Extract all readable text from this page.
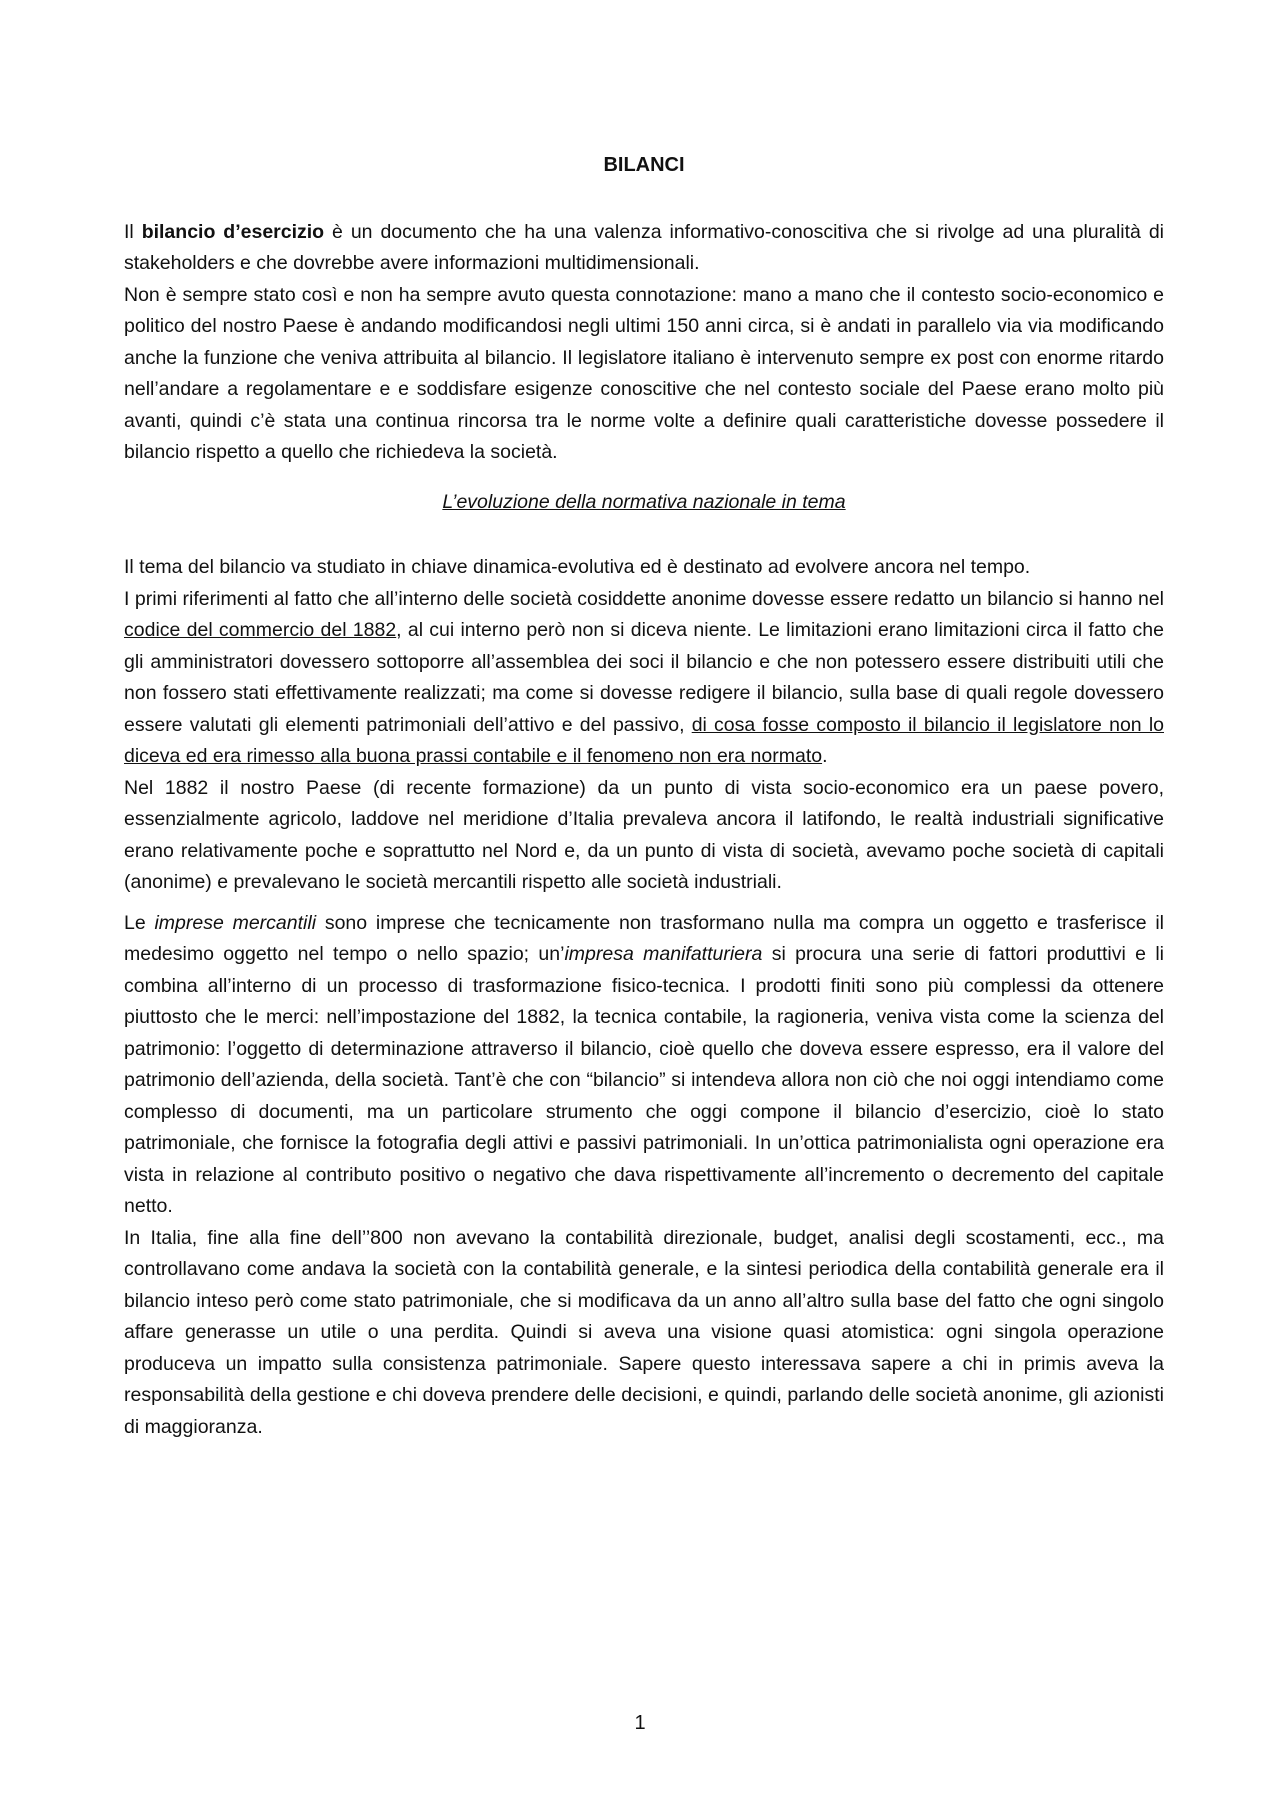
BILANCI

Il bilancio d’esercizio è un documento che ha una valenza informativo-conoscitiva che si rivolge ad una pluralità di stakeholders e che dovrebbe avere informazioni multidimensionali.

Non è sempre stato così e non ha sempre avuto questa connotazione: mano a mano che il contesto socio-economico e politico del nostro Paese è andando modificandosi negli ultimi 150 anni circa, si è andati in parallelo via via modificando anche la funzione che veniva attribuita al bilancio. Il legislatore italiano è intervenuto sempre ex post con enorme ritardo nell’andare a regolamentare e e soddisfare esigenze conoscitive che nel contesto sociale del Paese erano molto più avanti, quindi c’è stata una continua rincorsa tra le norme volte a definire quali caratteristiche dovesse possedere il bilancio rispetto a quello che richiedeva la società.

L’evoluzione della normativa nazionale in tema

Il tema del bilancio va studiato in chiave dinamica-evolutiva ed è destinato ad evolvere ancora nel tempo.

I primi riferimenti al fatto che all’interno delle società cosiddette anonime dovesse essere redatto un bilancio si hanno nel codice del commercio del 1882, al cui interno però non si diceva niente. Le limitazioni erano limitazioni circa il fatto che gli amministratori dovessero sottoporre all’assemblea dei soci il bilancio e che non potessero essere distribuiti utili che non fossero stati effettivamente realizzati; ma come si dovesse redigere il bilancio, sulla base di quali regole dovessero essere valutati gli elementi patrimoniali dell’attivo e del passivo, di cosa fosse composto il bilancio il legislatore non lo diceva ed era rimesso alla buona prassi contabile e il fenomeno non era normato.

Nel 1882 il nostro Paese (di recente formazione) da un punto di vista socio-economico era un paese povero, essenzialmente agricolo, laddove nel meridione d’Italia prevaleva ancora il latifondo, le realtà industriali significative erano relativamente poche e soprattutto nel Nord e, da un punto di vista di società, avevamo poche società di capitali (anonime) e prevalevano le società mercantili rispetto alle società industriali.

Le imprese mercantili sono imprese che tecnicamente non trasformano nulla ma compra un oggetto e trasferisce il medesimo oggetto nel tempo o nello spazio; un’impresa manifatturiera si procura una serie di fattori produttivi e li combina all’interno di un processo di trasformazione fisico-tecnica. I prodotti finiti sono più complessi da ottenere piuttosto che le merci: nell’impostazione del 1882, la tecnica contabile, la ragioneria, veniva vista come la scienza del patrimonio: l’oggetto di determinazione attraverso il bilancio, cioè quello che doveva essere espresso, era il valore del patrimonio dell’azienda, della società. Tant’è che con “bilancio” si intendeva allora non ciò che noi oggi intendiamo come complesso di documenti, ma un particolare strumento che oggi compone il bilancio d’esercizio, cioè lo stato patrimoniale, che fornisce la fotografia degli attivi e passivi patrimoniali. In un’ottica patrimonialista ogni operazione era vista in relazione al contributo positivo o negativo che dava rispettivamente all’incremento o decremento del capitale netto.

In Italia, fine alla fine dell’’800 non avevano la contabilità direzionale, budget, analisi degli scostamenti, ecc., ma controllavano come andava la società con la contabilità generale, e la sintesi periodica della contabilità generale era il bilancio inteso però come stato patrimoniale, che si modificava da un anno all’altro sulla base del fatto che ogni singolo affare generasse un utile o una perdita. Quindi si aveva una visione quasi atomistica: ogni singola operazione produceva un impatto sulla consistenza patrimoniale. Sapere questo interessava sapere a chi in primis aveva la responsabilità della gestione e chi doveva prendere delle decisioni, e quindi, parlando delle società anonime, gli azionisti di maggioranza.

1
